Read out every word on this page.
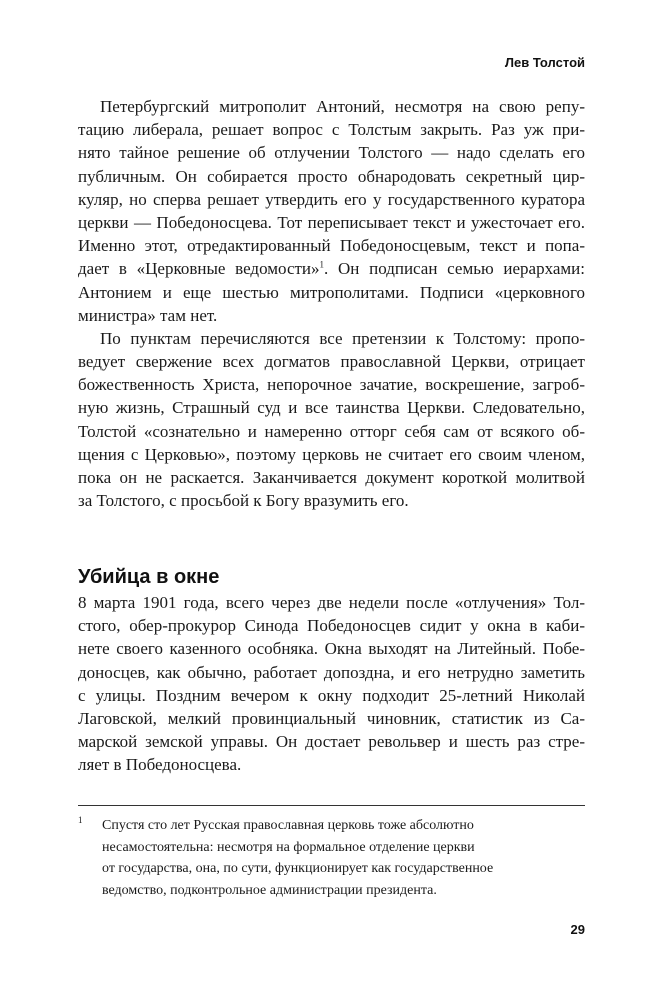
Лев Толстой
Петербургский митрополит Антоний, несмотря на свою репу-
тацию либерала, решает вопрос с Толстым закрыть. Раз уж при-
нято тайное решение об отлучении Толстого — надо сделать его
публичным. Он собирается просто обнародовать секретный цир-
куляр, но сперва решает утвердить его у государственного куратора
церкви — Победоносцева. Тот переписывает текст и ужесточает его.
Именно этот, отредактированный Победоносцевым, текст и попа-
дает в «Церковные ведомости»$^1$. Он подписан семью иерархами:
Антонием и еще шестью митрополитами. Подписи «церковного
министра» там нет.
По пунктам перечисляются все претензии к Толстому: пропо-
ведует свержение всех догматов православной Церкви, отрицает
божественность Христа, непорочное зачатие, воскрешение, загроб-
ную жизнь, Страшный суд и все таинства Церкви. Следовательно,
Толстой «сознательно и намеренно отторг себя сам от всякого об-
щения с Церковью», поэтому церковь не считает его своим членом,
пока он не раскается. Заканчивается документ короткой молитвой
за Толстого, с просьбой к Богу вразумить его.
Убийца в окне
8 марта 1901 года, всего через две недели после «отлучения» Тол-
стого, обер-прокурор Синода Победоносцев сидит у окна в каби-
нете своего казенного особняка. Окна выходят на Литейный. Побе-
доносцев, как обычно, работает допоздна, и его нетрудно заметить
с улицы. Поздним вечером к окну подходит 25-летний Николай
Лаговской, мелкий провинциальный чиновник, статистик из Са-
марской земской управы. Он достает револьвер и шесть раз стре-
ляет в Победоносцева.
1 Спустя сто лет Русская православная церковь тоже абсолютно
несамостоятельна: несмотря на формальное отделение церкви
от государства, она, по сути, функционирует как государственное
ведомство, подконтрольное администрации президента.
29
